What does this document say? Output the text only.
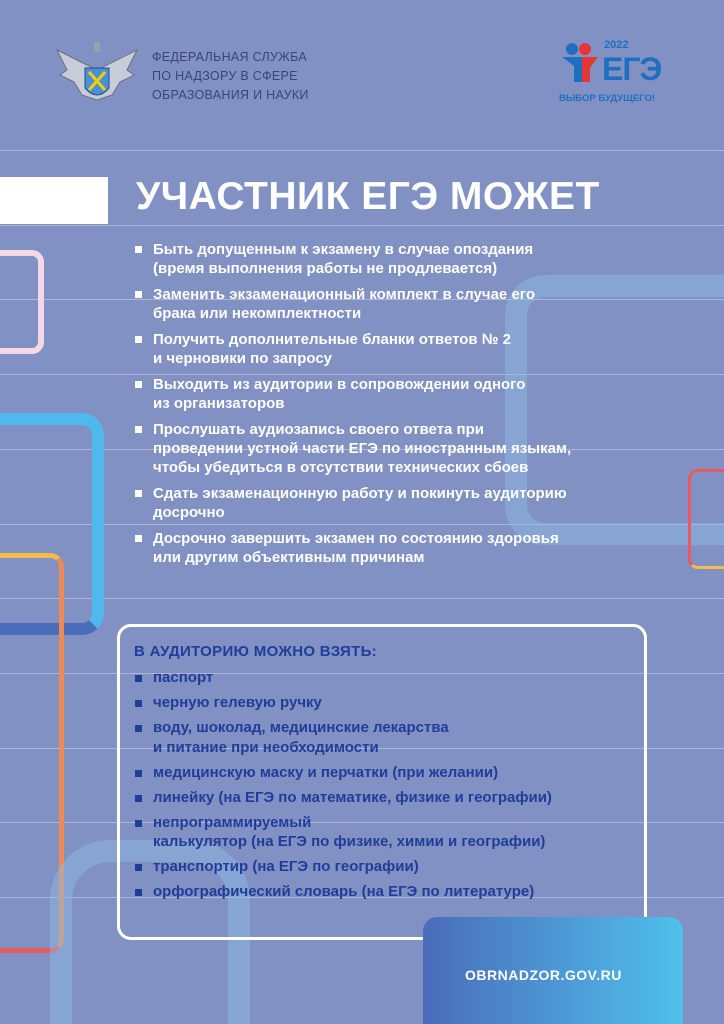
ФЕДЕРАЛЬНАЯ СЛУЖБА
ПО НАДЗОРУ В СФЕРЕ
ОБРАЗОВАНИЯ И НАУКИ
2022
ЕГЭ
ВЫБОР БУДУЩЕГО!
УЧАСТНИК ЕГЭ МОЖЕТ
Быть допущенным к экзамену в случае опоздания
(время выполнения работы не продлевается)
Заменить экзаменационный комплект в случае его
брака или некомплектности
Получить дополнительные бланки ответов № 2
и черновики по запросу
Выходить из аудитории в сопровождении одного
из организаторов
Прослушать аудиозапись своего ответа при
проведении устной части ЕГЭ по иностранным языкам,
чтобы убедиться в отсутствии технических сбоев
Сдать экзаменационную работу и покинуть аудиторию
досрочно
Досрочно завершить экзамен по состоянию здоровья
или другим объективным причинам
В АУДИТОРИЮ МОЖНО ВЗЯТЬ:
паспорт
черную гелевую ручку
воду, шоколад, медицинские лекарства
и питание при необходимости
медицинскую маску и перчатки (при желании)
линейку (на ЕГЭ по математике, физике и географии)
непрограммируемый
калькулятор (на ЕГЭ по физике, химии и географии)
транспортир (на ЕГЭ по географии)
орфографический словарь (на ЕГЭ по литературе)
OBRNADZOR.GOV.RU
